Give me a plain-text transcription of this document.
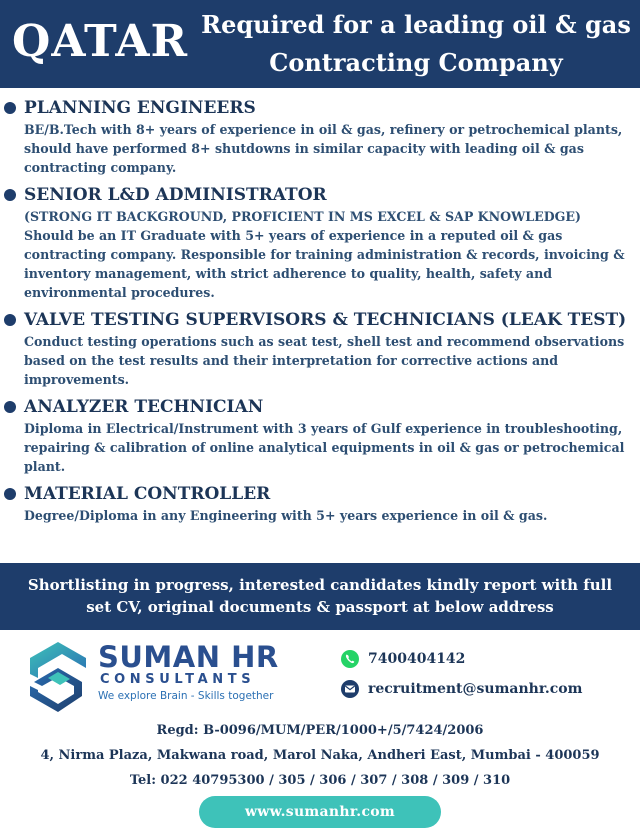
QATAR Required for a leading oil & gas
Contracting Company
PLANNING ENGINEERS
BE/B.Tech with 8+ years of experience in oil & gas, refinery or petrochemical plants, should have performed 8+ shutdowns in similar capacity with leading oil & gas contracting company.
SENIOR L&D ADMINISTRATOR
(STRONG IT BACKGROUND, PROFICIENT IN MS EXCEL & SAP KNOWLEDGE)
Should be an IT Graduate with 5+ years of experience in a reputed oil & gas contracting company. Responsible for training administration & records, invoicing & inventory management, with strict adherence to quality, health, safety and environmental procedures.
VALVE TESTING SUPERVISORS & TECHNICIANS (LEAK TEST)
Conduct testing operations such as seat test, shell test and recommend observations based on the test results and their interpretation for corrective actions and improvements.
ANALYZER TECHNICIAN
Diploma in Electrical/Instrument with 3 years of Gulf experience in troubleshooting, repairing & calibration of online analytical equipments in oil & gas or petrochemical plant.
MATERIAL CONTROLLER
Degree/Diploma in any Engineering with 5+ years experience in oil & gas.
Shortlisting in progress, interested candidates kindly report with full
set CV, original documents & passport at below address
SUMAN HR
CONSULTANTS
We explore Brain - Skills together
7400404142
recruitment@sumanhr.com
Regd: B-0096/MUM/PER/1000+/5/7424/2006
4, Nirma Plaza, Makwana road, Marol Naka, Andheri East, Mumbai - 400059
Tel: 022 40795300 / 305 / 306 / 307 / 308 / 309 / 310
www.sumanhr.com
